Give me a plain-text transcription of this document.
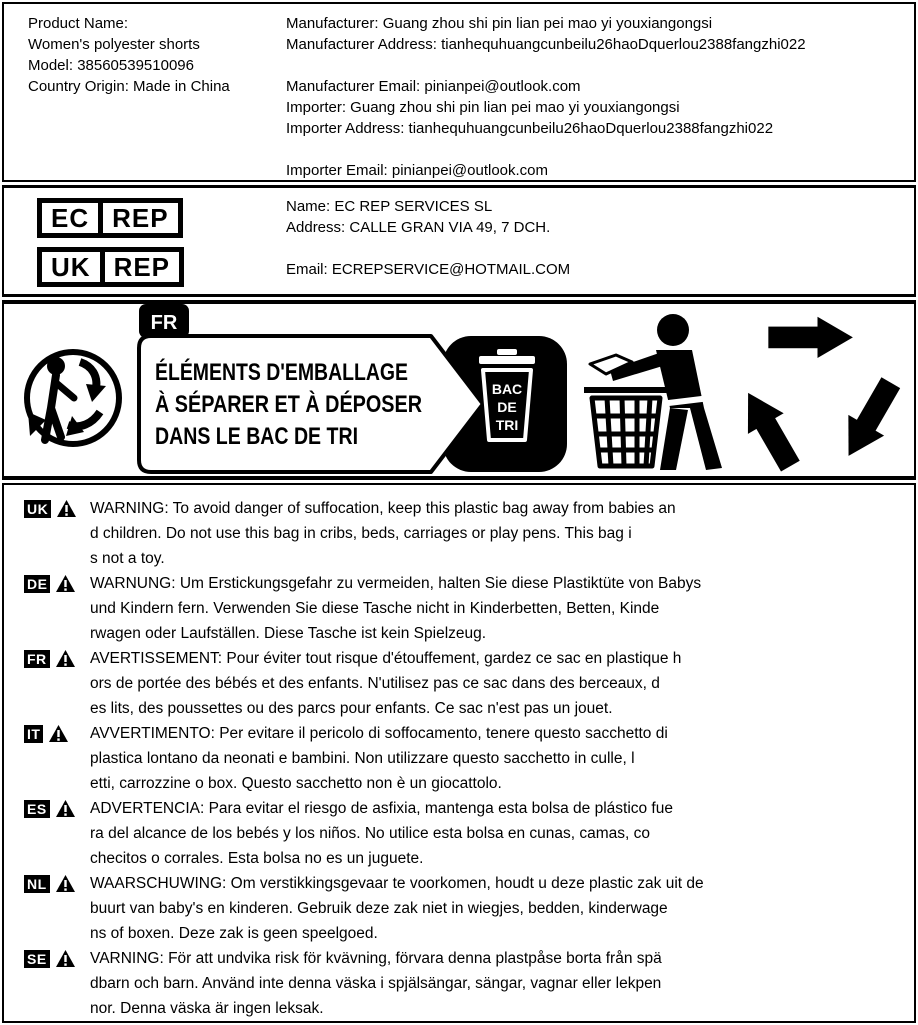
Product Name:
Women's polyester shorts
Model: 38560539510096
Country Origin: Made in China
Manufacturer: Guang zhou shi pin lian pei mao yi youxiangongsi
Manufacturer Address: tianhequhuangcunbeilu26haoDquerlou2388fangzhi022
Manufacturer Email: pinianpei@outlook.com
Importer: Guang zhou shi pin lian pei mao yi youxiangongsi
Importer Address: tianhequhuangcunbeilu26haoDquerlou2388fangzhi022
Importer Email: pinianpei@outlook.com
EC REP
UK REP
Name: EC REP SERVICES SL
Address: CALLE GRAN VIA 49, 7 DCH.
Email: ECREPSERVICE@HOTMAIL.COM
FR
ÉLÉMENTS D'EMBALLAGE
À SÉPARER ET À DÉPOSER
DANS LE BAC DE TRI
BAC
DE
TRI
UK	WARNING: To avoid danger of suffocation, keep this plastic bag away from babies an
d children. Do not use this bag in cribs, beds, carriages or play pens. This bag i
s not a toy.
DE	WARNUNG: Um Erstickungsgefahr zu vermeiden, halten Sie diese Plastiktüte von Babys
und Kindern fern. Verwenden Sie diese Tasche nicht in Kinderbetten, Betten, Kinde
rwagen oder Laufställen. Diese Tasche ist kein Spielzeug.
FR	AVERTISSEMENT: Pour éviter tout risque d'étouffement, gardez ce sac en plastique h
ors de portée des bébés et des enfants. N'utilisez pas ce sac dans des berceaux, d
es lits, des poussettes ou des parcs pour enfants. Ce sac n'est pas un jouet.
IT	AVVERTIMENTO: Per evitare il pericolo di soffocamento, tenere questo sacchetto di
plastica lontano da neonati e bambini. Non utilizzare questo sacchetto in culle, l
etti, carrozzine o box. Questo sacchetto non è un giocattolo.
ES	ADVERTENCIA: Para evitar el riesgo de asfixia, mantenga esta bolsa de plástico fue
ra del alcance de los bebés y los niños. No utilice esta bolsa en cunas, camas, co
checitos o corrales. Esta bolsa no es un juguete.
NL	WAARSCHUWING: Om verstikkingsgevaar te voorkomen, houdt u deze plastic zak uit de
buurt van baby's en kinderen. Gebruik deze zak niet in wiegjes, bedden, kinderwage
ns of boxen. Deze zak is geen speelgoed.
SE	VARNING: För att undvika risk för kvävning, förvara denna plastpåse borta från spä
dbarn och barn. Använd inte denna väska i spjälsängar, sängar, vagnar eller lekpen
nor. Denna väska är ingen leksak.
